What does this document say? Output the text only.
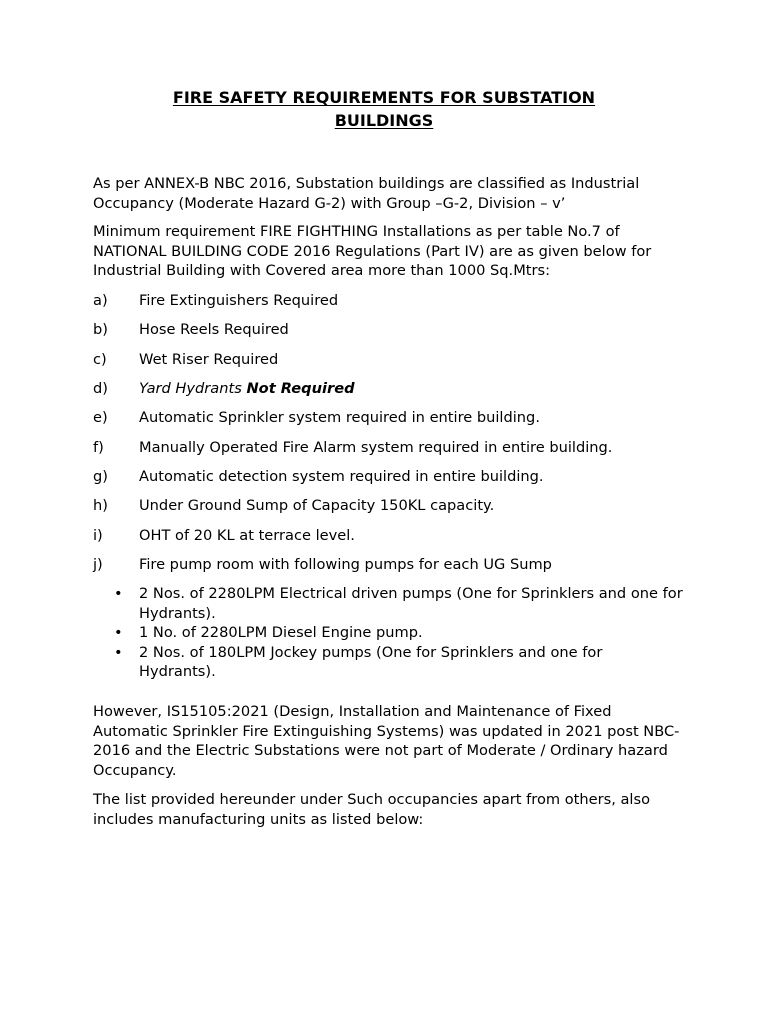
FIRE SAFETY REQUIREMENTS FOR SUBSTATION
BUILDINGS

As per ANNEX-B NBC 2016, Substation buildings are classified as Industrial Occupancy (Moderate Hazard G-2) with Group –G-2, Division – v’

Minimum requirement FIRE FIGHTHING Installations as per table No.7 of NATIONAL BUILDING CODE 2016 Regulations (Part IV) are as given below for Industrial Building with Covered area more than 1000 Sq.Mtrs:

a) Fire Extinguishers Required
b) Hose Reels Required
c) Wet Riser Required
d) Yard Hydrants Not Required
e) Automatic Sprinkler system required in entire building.
f) Manually Operated Fire Alarm system required in entire building.
g) Automatic detection system required in entire building.
h) Under Ground Sump of Capacity 150KL capacity.
i) OHT of 20 KL at terrace level.
j) Fire pump room with following pumps for each UG Sump
• 2 Nos. of 2280LPM Electrical driven pumps (One for Sprinklers and one for Hydrants).
• 1 No. of 2280LPM Diesel Engine pump.
• 2 Nos. of 180LPM Jockey pumps (One for Sprinklers and one for Hydrants).

However, IS15105:2021 (Design, Installation and Maintenance of Fixed Automatic Sprinkler Fire Extinguishing Systems) was updated in 2021 post NBC-2016 and the Electric Substations were not part of Moderate / Ordinary hazard Occupancy.

The list provided hereunder under Such occupancies apart from others, also includes manufacturing units as listed below:
